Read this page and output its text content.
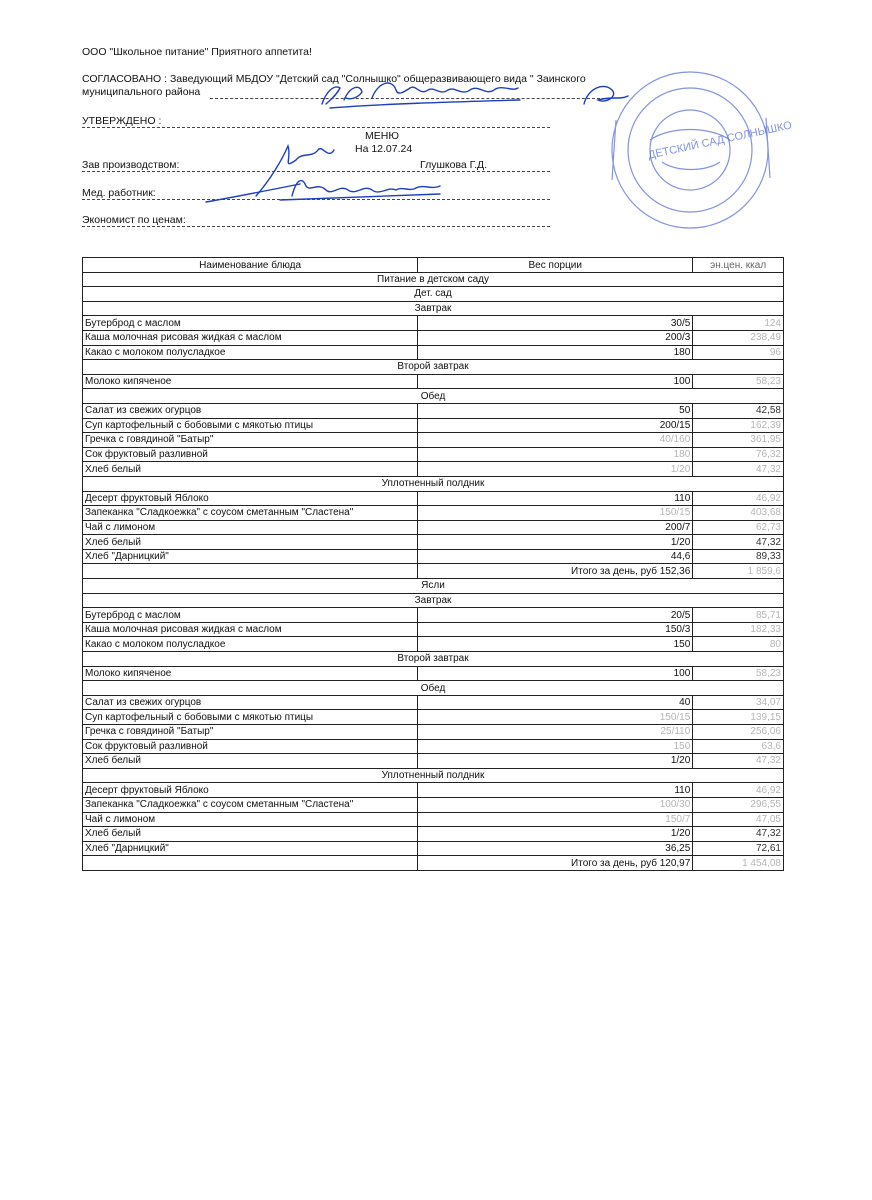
ООО "Школьное питание" Приятного аппетита!
СОГЛАСОВАНО : Заведующий МБДОУ "Детский сад "Солнышко" общеразвивающего вида " Заинского
муниципального района
УТВЕРЖДЕНО :
МЕНЮ
На 12.07.24
Зав производством:	Глушкова Г.Д.
Мед. работник:
Экономист по ценам:
ДЕТСКИЙ САД СОЛНЫШКО
Наименование блюда	Вес порции	эн.цен. ккал
Питание в детском саду		
Дет. сад		
Завтрак		
Бутерброд с маслом	30/5	124
Каша молочная рисовая жидкая с маслом	200/3	238,49
Какао с молоком полусладкое	180	96
Второй завтрак		
Молоко кипяченое	100	58,23
Обед		
Салат из свежих огурцов	50	42,58
Суп картофельный с бобовыми с мякотью птицы	200/15	162,39
Гречка с говядиной "Батыр"	40/160	361,95
Сок фруктовый разливной	180	76,32
Хлеб белый	1/20	47,32
Уплотненный полдник		
Десерт фруктовый Яблоко	110	46,92
Запеканка "Сладкоежка" с соусом сметанным "Сластена"	150/15	403,68
Чай с лимоном	200/7	62,73
Хлеб белый	1/20	47,32
Хлеб "Дарницкий"	44,6	89,33
	Итого за день, руб 152,36	1 859,6
Ясли		
Завтрак		
Бутерброд с маслом	20/5	85,71
Каша молочная рисовая жидкая с маслом	150/3	182,33
Какао с молоком полусладкое	150	80
Второй завтрак		
Молоко кипяченое	100	58,23
Обед		
Салат из свежих огурцов	40	34,07
Суп картофельный с бобовыми с мякотью птицы	150/15	139,15
Гречка с говядиной "Батыр"	25/110	256,06
Сок фруктовый разливной	150	63,6
Хлеб белый	1/20	47,32
Уплотненный полдник		
Десерт фруктовый Яблоко	110	46,92
Запеканка "Сладкоежка" с соусом сметанным "Сластена"	100/30	296,55
Чай с лимоном	150/7	47,05
Хлеб белый	1/20	47,32
Хлеб "Дарницкий"	36,25	72,61
	Итого за день, руб 120,97	1 454,08
